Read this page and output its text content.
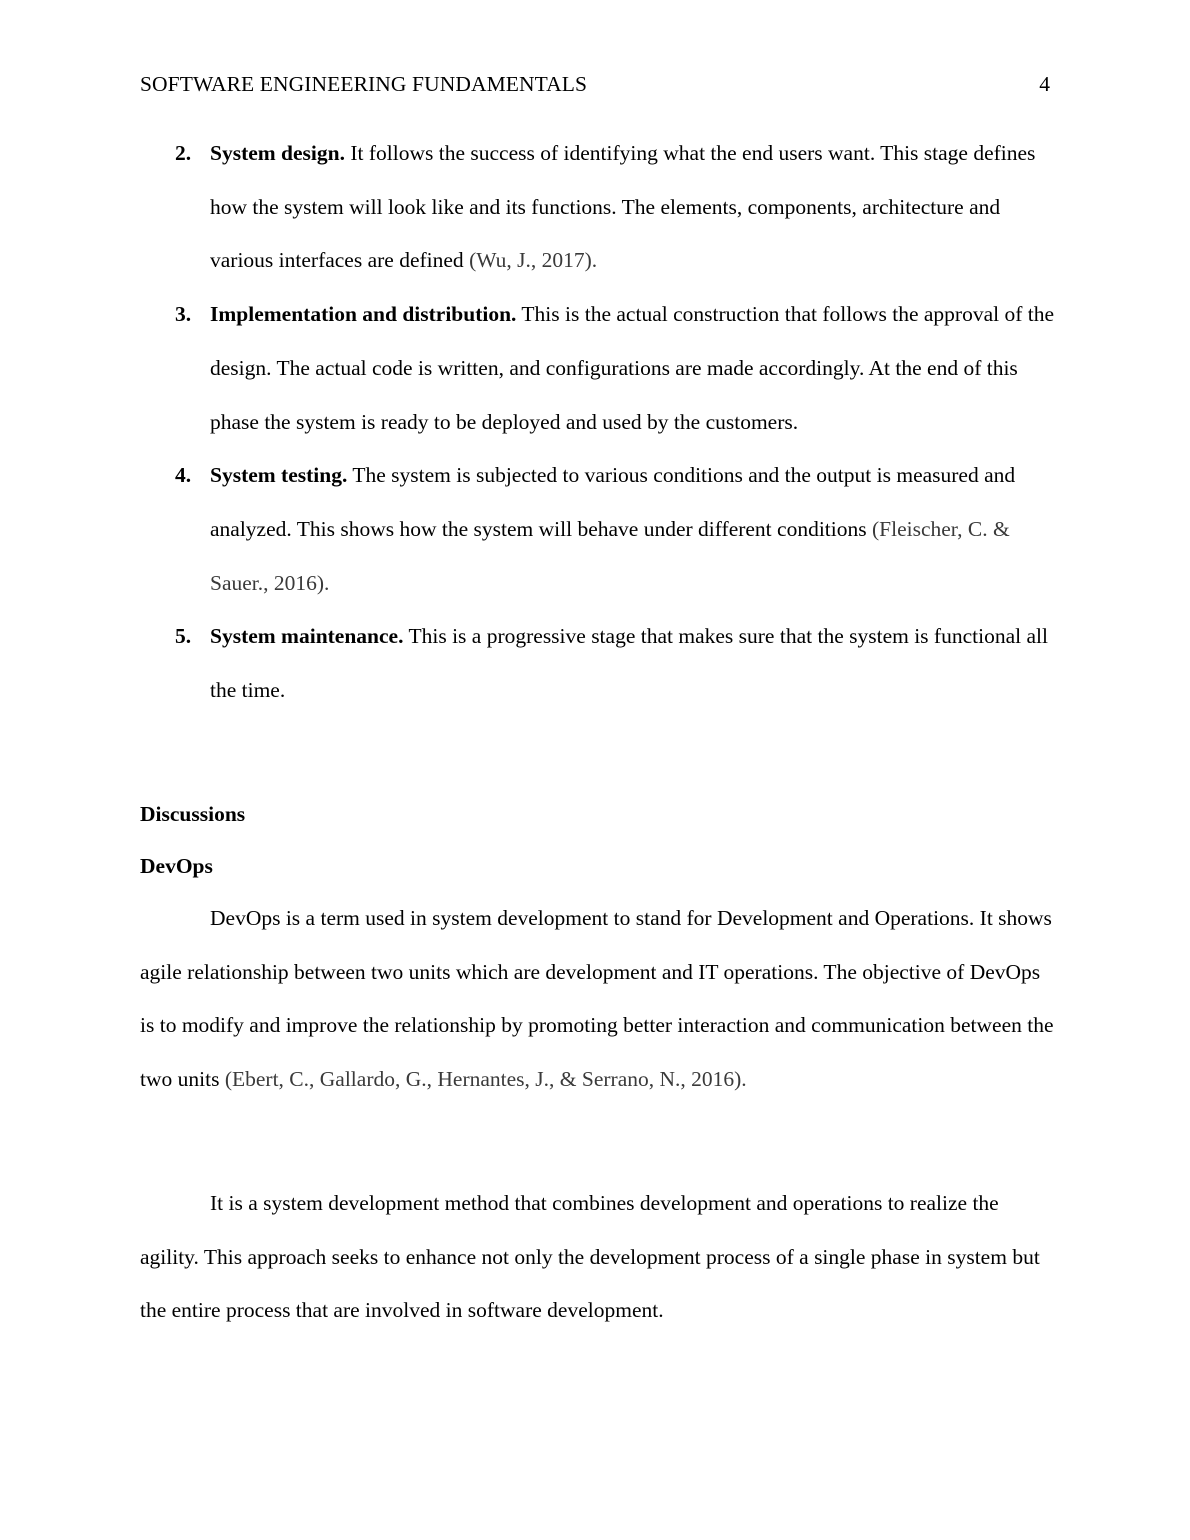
SOFTWARE ENGINEERING FUNDAMENTALS	4
2. System design. It follows the success of identifying what the end users want. This stage defines how the system will look like and its functions. The elements, components, architecture and various interfaces are defined (Wu, J., 2017).
3. Implementation and distribution. This is the actual construction that follows the approval of the design. The actual code is written, and configurations are made accordingly. At the end of this phase the system is ready to be deployed and used by the customers.
4. System testing. The system is subjected to various conditions and the output is measured and analyzed. This shows how the system will behave under different conditions (Fleischer, C. & Sauer., 2016).
5. System maintenance. This is a progressive stage that makes sure that the system is functional all the time.
Discussions
DevOps

DevOps is a term used in system development to stand for Development and Operations. It shows agile relationship between two units which are development and IT operations. The objective of DevOps is to modify and improve the relationship by promoting better interaction and communication between the two units (Ebert, C., Gallardo, G., Hernantes, J., & Serrano, N., 2016).

It is a system development method that combines development and operations to realize the agility. This approach seeks to enhance not only the development process of a single phase in system but the entire process that are involved in software development.
